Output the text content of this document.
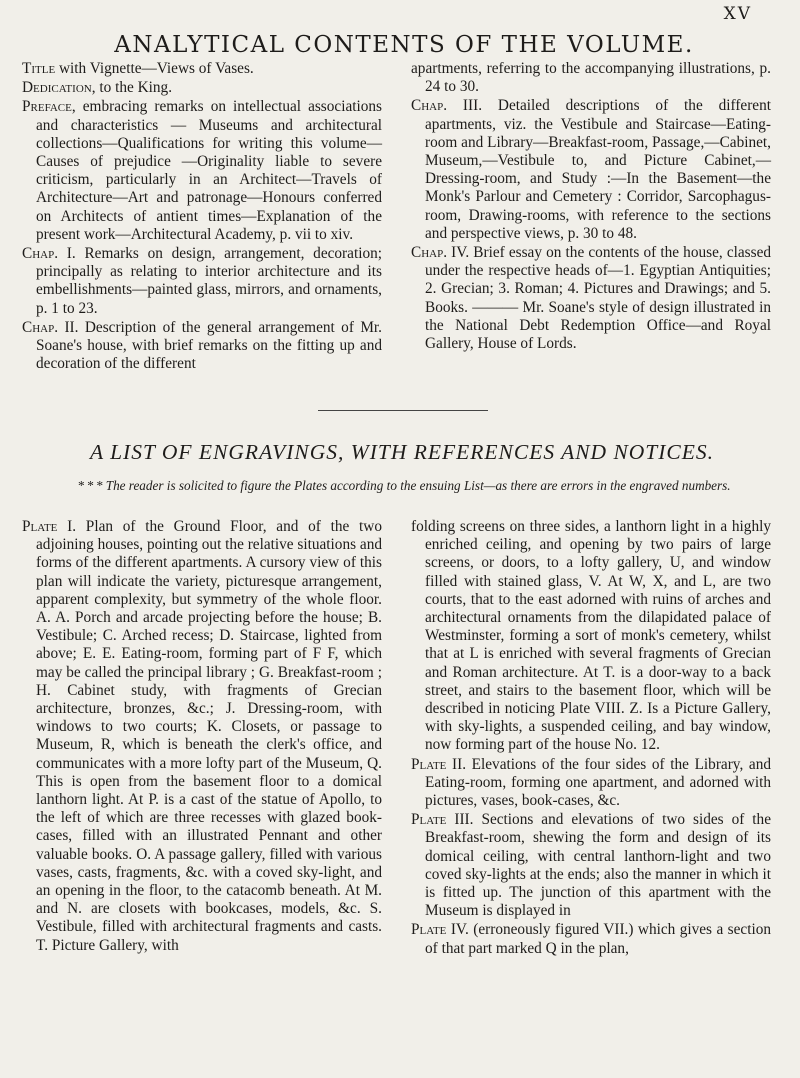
XV
ANALYTICAL CONTENTS OF THE VOLUME.

Title with Vignette—Views of Vases.

Dedication, to the King.

Preface, embracing remarks on intellectual associations and characteristics — Museums and architectural collections—Qualifications for writing this volume—Causes of prejudice —Originality liable to severe criticism, particularly in an Architect—Travels of Architecture—Art and patronage—Honours conferred on Architects of antient times—Explanation of the present work—Architectural Academy, p. vii to xiv.

Chap. I. Remarks on design, arrangement, decoration; principally as relating to interior architecture and its embellishments—painted glass, mirrors, and ornaments, p. 1 to 23.

Chap. II. Description of the general arrangement of Mr. Soane's house, with brief remarks on the fitting up and decoration of the different

apartments, referring to the accompanying illustrations, p. 24 to 30.

Chap. III. Detailed descriptions of the different apartments, viz. the Vestibule and Staircase—Eating-room and Library—Breakfast-room, Passage,—Cabinet, Museum,—Vestibule to, and Picture Cabinet,—Dressing-room, and Study :—In the Basement—the Monk's Parlour and Cemetery : Corridor, Sarcophagus-room, Drawing-rooms, with reference to the sections and perspective views, p. 30 to 48.

Chap. IV. Brief essay on the contents of the house, classed under the respective heads of—1. Egyptian Antiquities; 2. Grecian; 3. Roman; 4. Pictures and Drawings; and 5. Books. ——— Mr. Soane's style of design illustrated in the National Debt Redemption Office—and Royal Gallery, House of Lords.

A LIST OF ENGRAVINGS, WITH REFERENCES AND NOTICES.
* * * The reader is solicited to figure the Plates according to the ensuing List—as there are errors in the engraved numbers.

Plate I. Plan of the Ground Floor, and of the two adjoining houses, pointing out the relative situations and forms of the different apartments. A cursory view of this plan will indicate the variety, picturesque arrangement, apparent complexity, but symmetry of the whole floor. A. A. Porch and arcade projecting before the house; B. Vestibule; C. Arched recess; D. Staircase, lighted from above; E. E. Eating-room, forming part of F F, which may be called the principal library ; G. Breakfast-room ; H. Cabinet study, with fragments of Grecian architecture, bronzes, &c.; J. Dressing-room, with windows to two courts; K. Closets, or passage to Museum, R, which is beneath the clerk's office, and communicates with a more lofty part of the Museum, Q. This is open from the basement floor to a domical lanthorn light. At P. is a cast of the statue of Apollo, to the left of which are three recesses with glazed book-cases, filled with an illustrated Pennant and other valuable books. O. A passage gallery, filled with various vases, casts, fragments, &c. with a coved sky-light, and an opening in the floor, to the catacomb beneath. At M. and N. are closets with bookcases, models, &c. S. Vestibule, filled with architectural fragments and casts. T. Picture Gallery, with

folding screens on three sides, a lanthorn light in a highly enriched ceiling, and opening by two pairs of large screens, or doors, to a lofty gallery, U, and window filled with stained glass, V. At W, X, and L, are two courts, that to the east adorned with ruins of arches and architectural ornaments from the dilapidated palace of Westminster, forming a sort of monk's cemetery, whilst that at L is enriched with several fragments of Grecian and Roman architecture. At T. is a door-way to a back street, and stairs to the basement floor, which will be described in noticing Plate VIII. Z. Is a Picture Gallery, with sky-lights, a suspended ceiling, and bay window, now forming part of the house No. 12.

Plate II. Elevations of the four sides of the Library, and Eating-room, forming one apartment, and adorned with pictures, vases, book-cases, &c.

Plate III. Sections and elevations of two sides of the Breakfast-room, shewing the form and design of its domical ceiling, with central lanthorn-light and two coved sky-lights at the ends; also the manner in which it is fitted up. The junction of this apartment with the Museum is displayed in

Plate IV. (erroneously figured VII.) which gives a section of that part marked Q in the plan,
